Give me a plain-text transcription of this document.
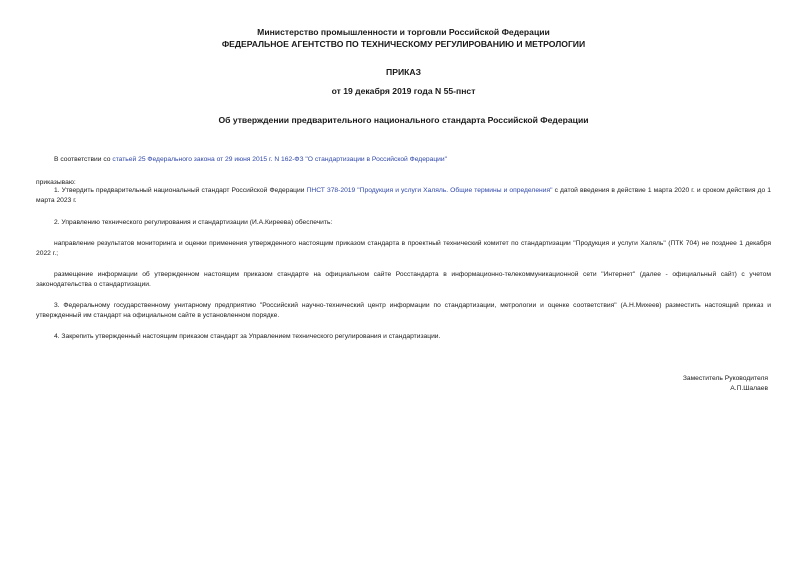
Министерство промышленности и торговли Российской Федерации
ФЕДЕРАЛЬНОЕ АГЕНТСТВО ПО ТЕХНИЧЕСКОМУ РЕГУЛИРОВАНИЮ И МЕТРОЛОГИИ
ПРИКАЗ
от 19 декабря 2019 года N 55-пнст
Об утверждении предварительного национального стандарта Российской Федерации
В соответствии со статьей 25 Федерального закона от 29 июня 2015 г. N 162-ФЗ "О стандартизации в Российской Федерации"
приказываю:
1. Утвердить предварительный национальный стандарт Российской Федерации ПНСТ 378-2019 "Продукция и услуги Халяль. Общие термины и определения" с датой введения в действие 1 марта 2020 г. и сроком действия до 1 марта 2023 г.
2. Управлению технического регулирования и стандартизации (И.А.Киреева) обеспечить:
направление результатов мониторинга и оценки применения утвержденного настоящим приказом стандарта в проектный технический комитет по стандартизации "Продукция и услуги Халяль" (ПТК 704) не позднее 1 декабря 2022 г.;
размещение информации об утвержденном настоящим приказом стандарте на официальном сайте Росстандарта в информационно-телекоммуникационной сети "Интернет" (далее - официальный сайт) с учетом законодательства о стандартизации.
3. Федеральному государственному унитарному предприятию "Российский научно-технический центр информации по стандартизации, метрологии и оценке соответствия" (А.Н.Михеев) разместить настоящий приказ и утвержденный им стандарт на официальном сайте в установленном порядке.
4. Закрепить утвержденный настоящим приказом стандарт за Управлением технического регулирования и стандартизации.
Заместитель Руководителя
А.П.Шалаев
